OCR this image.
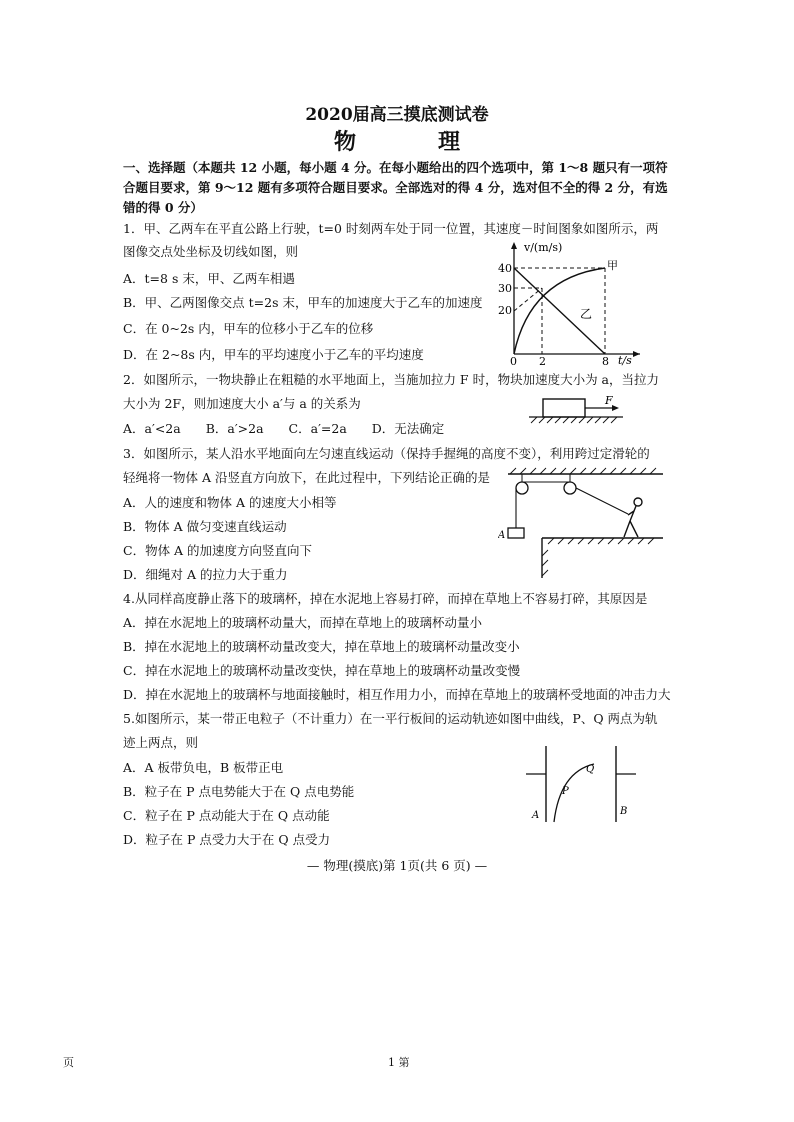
2020届高三摸底测试卷
物　理
一、选择题（本题共 12 小题，每小题 4 分。在每小题给出的四个选项中，第 1～8 题只有一项符
合题目要求，第 9～12 题有多项符合题目要求。全部选对的得 4 分，选对但不全的得 2 分，有选
错的得 0 分）
1．甲、乙两车在平直公路上行驶，t=0 时刻两车处于同一位置，其速度－时间图象如图所示，两
图像交点处坐标及切线如图，则
A．t=8 s 末，甲、乙两车相遇
B．甲、乙两图像交点 t=2s 末，甲车的加速度大于乙车的加速度
C．在 0~2s 内，甲车的位移小于乙车的位移
D．在 2~8s 内，甲车的平均速度小于乙车的平均速度
v/(m/s)
t/s
40
30
20
0 2	8
甲
乙
2．如图所示，一物块静止在粗糙的水平地面上，当施加拉力 F 时，物块加速度大小为 a，当拉力
大小为 2F，则加速度大小 a′与 a 的关系为
A．a′<2a　　B．a′>2a　　C．a′=2a　　D．无法确定
F
3．如图所示，某人沿水平地面向左匀速直线运动（保持手握绳的高度不变），利用跨过定滑轮的
轻绳将一物体 A 沿竖直方向放下，在此过程中，下列结论正确的是
A．人的速度和物体 A 的速度大小相等
B．物体 A 做匀变速直线运动
C．物体 A 的加速度方向竖直向下
D．细绳对 A 的拉力大于重力
A
4.从同样高度静止落下的玻璃杯，掉在水泥地上容易打碎，而掉在草地上不容易打碎，其原因是
A．掉在水泥地上的玻璃杯动量大，而掉在草地上的玻璃杯动量小
B．掉在水泥地上的玻璃杯动量改变大，掉在草地上的玻璃杯动量改变小
C．掉在水泥地上的玻璃杯动量改变快，掉在草地上的玻璃杯动量改变慢
D．掉在水泥地上的玻璃杯与地面接触时，相互作用力小，而掉在草地上的玻璃杯受地面的冲击力大
5.如图所示，某一带正电粒子（不计重力）在一平行板间的运动轨迹如图中曲线，P、Q 两点为轨
迹上两点，则
A．A 板带负电，B 板带正电
B．粒子在 P 点电势能大于在 Q 点电势能
C．粒子在 P 点动能大于在 Q 点动能
D．粒子在 P 点受力大于在 Q 点受力
P
Q
A	B
— 物理(摸底)第 1页(共 6 页) —
页	1 第
